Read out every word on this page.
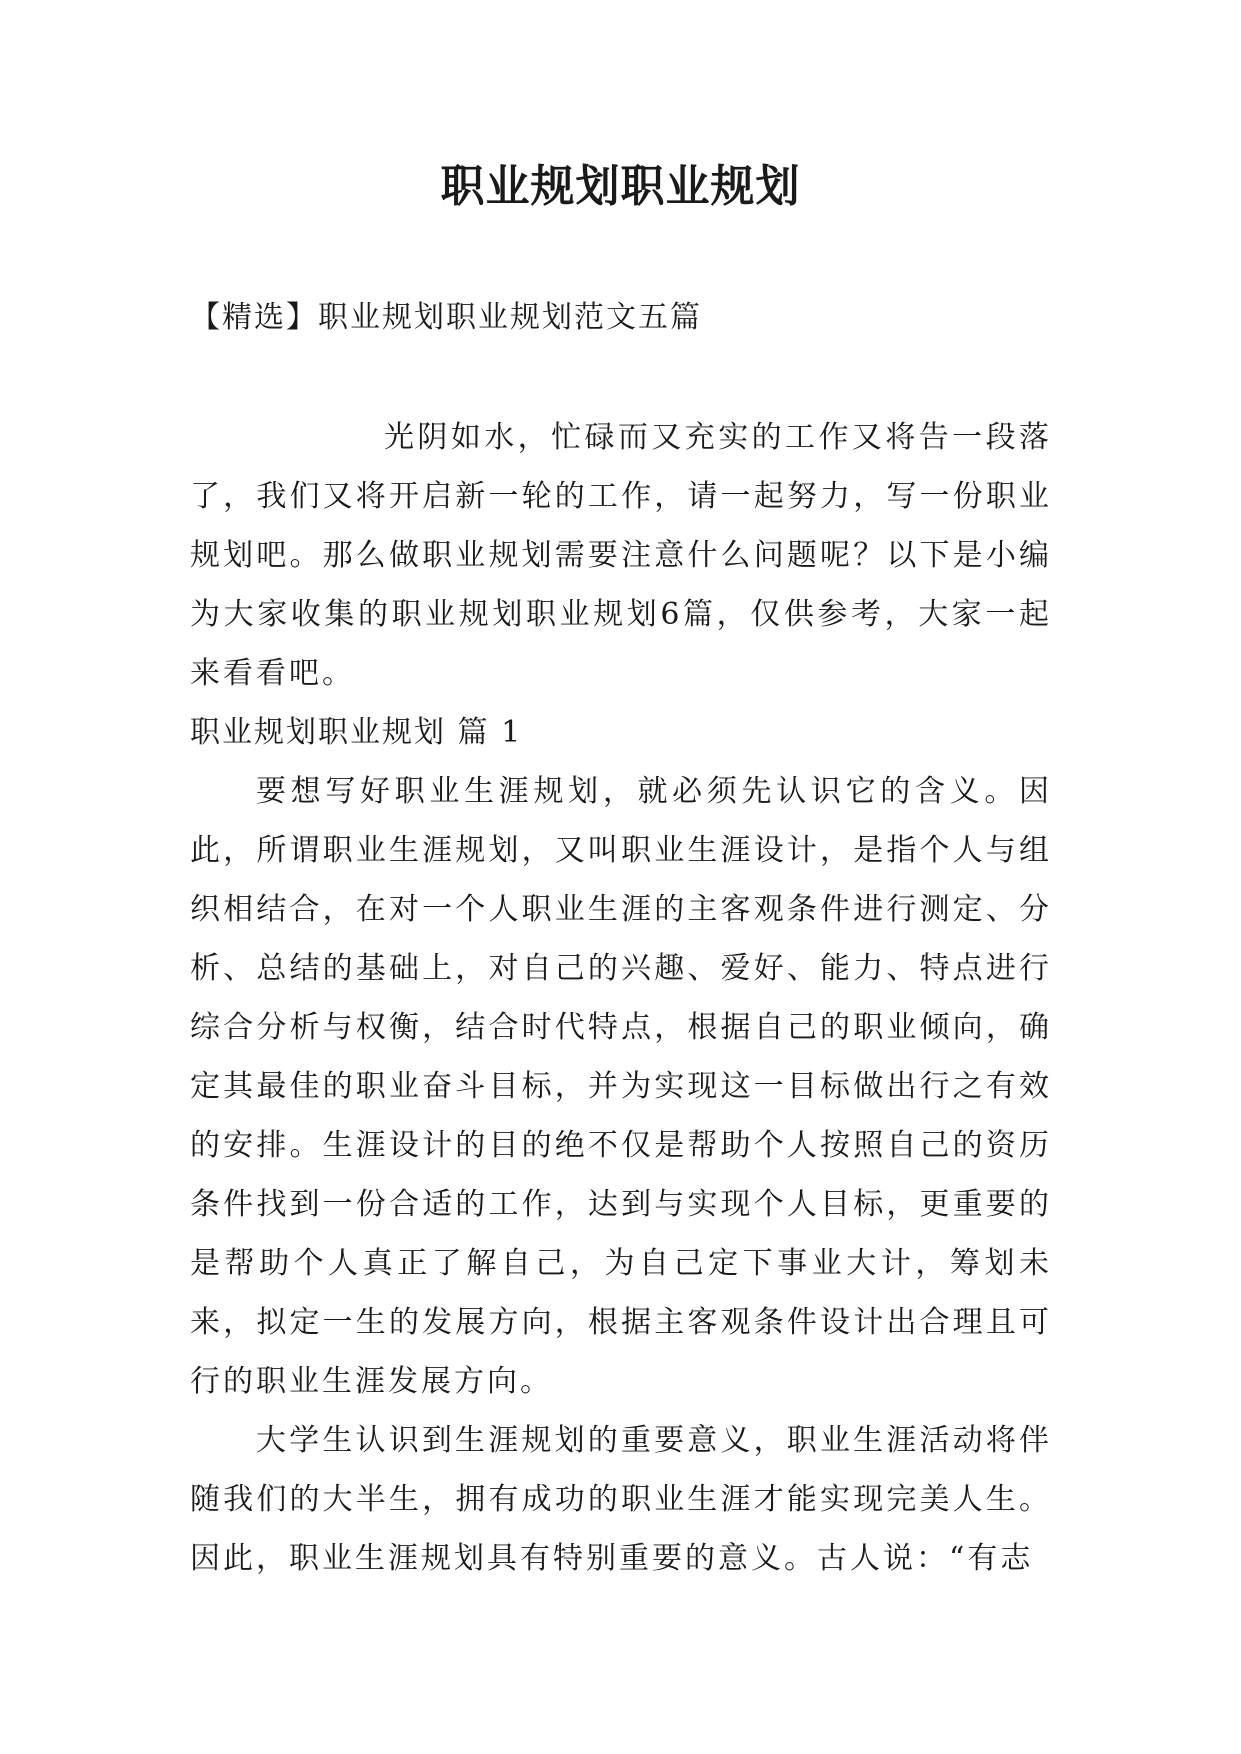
职业规划职业规划

【精选】职业规划职业规划范文五篇

光阴如水，忙碌而又充实的工作又将告一段落了，我们又将开启新一轮的工作，请一起努力，写一份职业规划吧。那么做职业规划需要注意什么问题呢？以下是小编为大家收集的职业规划职业规划6篇，仅供参考，大家一起来看看吧。

职业规划职业规划 篇 1

要想写好职业生涯规划，就必须先认识它的含义。因此，所谓职业生涯规划，又叫职业生涯设计，是指个人与组织相结合，在对一个人职业生涯的主客观条件进行测定、分析、总结的基础上，对自己的兴趣、爱好、能力、特点进行综合分析与权衡，结合时代特点，根据自己的职业倾向，确定其最佳的职业奋斗目标，并为实现这一目标做出行之有效的安排。生涯设计的目的绝不仅是帮助个人按照自己的资历条件找到一份合适的工作，达到与实现个人目标，更重要的是帮助个人真正了解自己，为自己定下事业大计，筹划未来，拟定一生的发展方向，根据主客观条件设计出合理且可行的职业生涯发展方向。

大学生认识到生涯规划的重要意义，职业生涯活动将伴随我们的大半生，拥有成功的职业生涯才能实现完美人生。因此，职业生涯规划具有特别重要的意义。古人说：“有志
